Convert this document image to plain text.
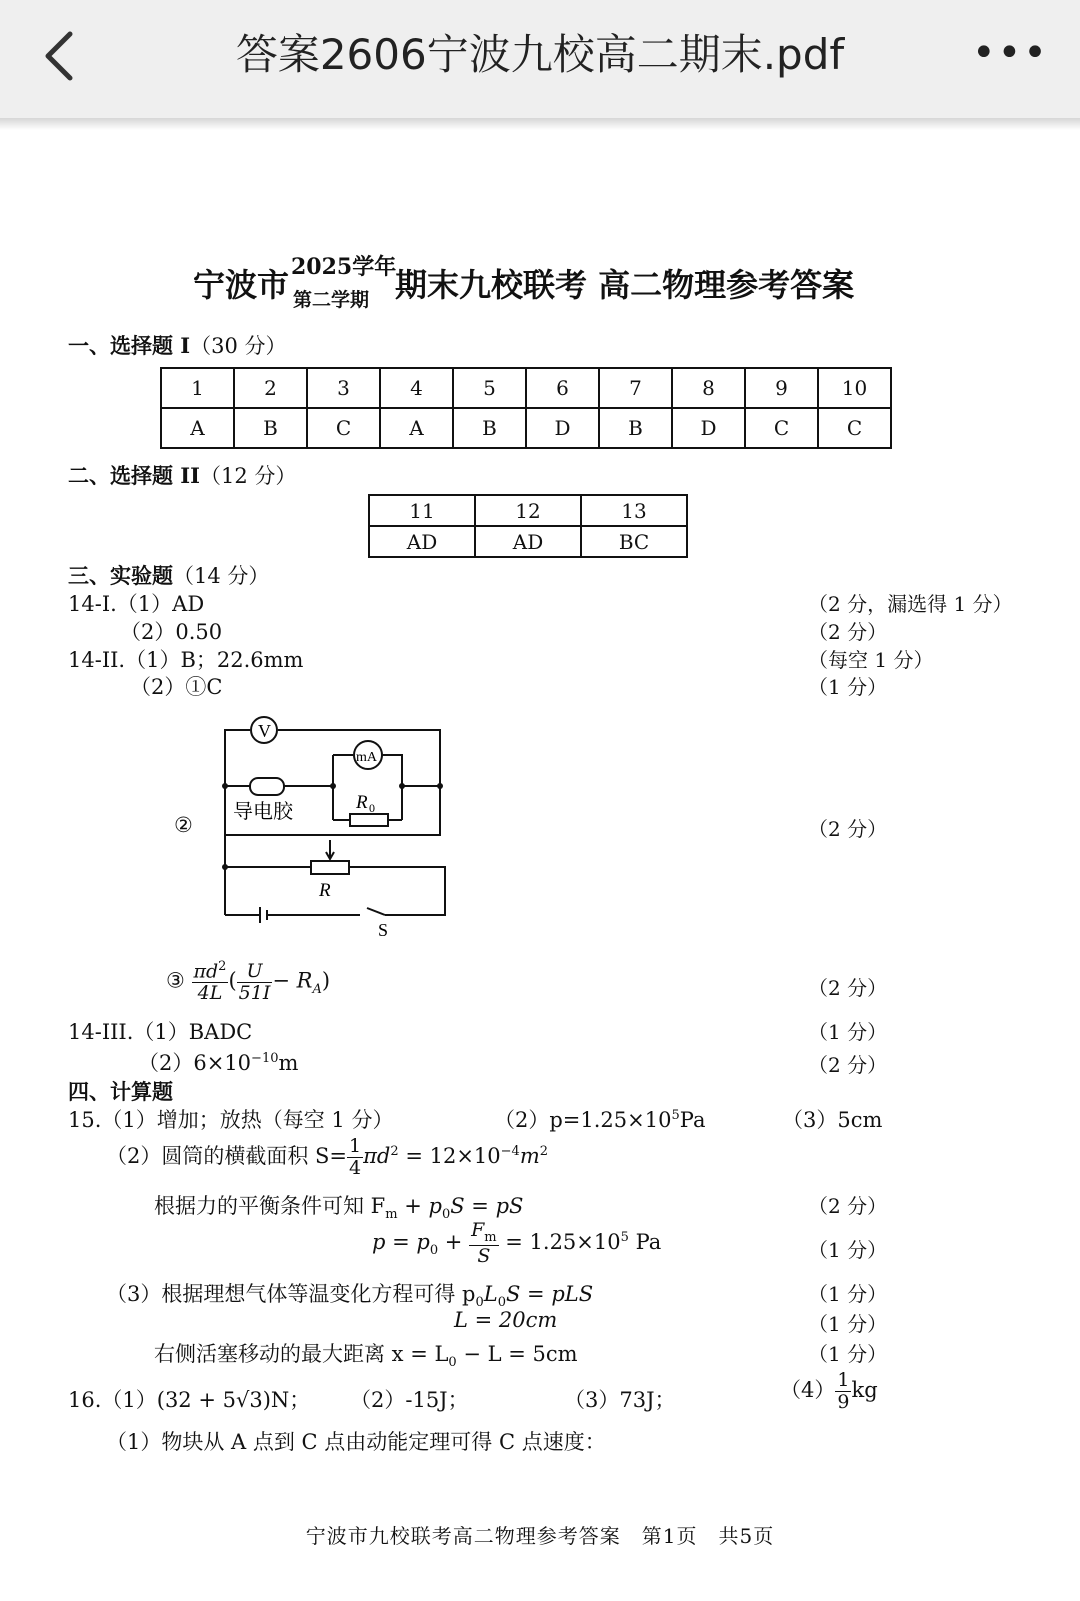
答案2606宁波九校高二期末.pdf	•••
宁波市 2025学年
第二学期 期末九校联考 高二物理参考答案
一、选择题 I（30 分）
1	2	3	4	5	6	7	8	9	10
A	B	C	A	B	D	B	D	C	C
二、选择题 II（12 分）
11	12	13
AD	AD	BC
三、实验题（14 分）
14-I.（1）AD	（2 分，漏选得 1 分）
（2）0.50	（2 分）
14-II.（1）B；22.6mm	（每空 1 分）
（2）①C	（1 分）
②	（2 分）
V
mA
R 0
导电胶
R
S
③ $\frac{\pi d^2}{4L}$ ( $\frac{U}{51I} - R_A$)	（2 分）
14-III.（1）BADC	（1 分）
$(2)6\times 10^{-10}m$	（2 分）
四、计算题
15.（1）增加；放热（每空 1 分）	$(2)p=1.25\times 10^5Pa$	（3）5cm
（2）圆筒的横截面积 $S= \frac{1}{4} \pi d^2 = 12\times 10^{-4}m^2$
根据力的平衡条件可知 $F_m + p_0S$ = pS	（2 分）
$p = p_0 + \frac{F_m}{S} = 1.25\times 10^5$ Pa	（1 分）
（3）根据理想气体等温变化方程可得 $p_0L_0S$ = pLS	（1 分）
L = 20cm	（1 分）
右侧活塞移动的最大距离 $x = L_0 - L = 5cm$	（1 分）
16.（1）(32 + 5√3)N； （2）-15J；	（3）73J；	$(4) \frac{1}{9}$ kg
（1）物块从 A 点到 C 点由动能定理可得 C 点速度：
宁波市九校联考高二物理参考答案　第1页　共5页
